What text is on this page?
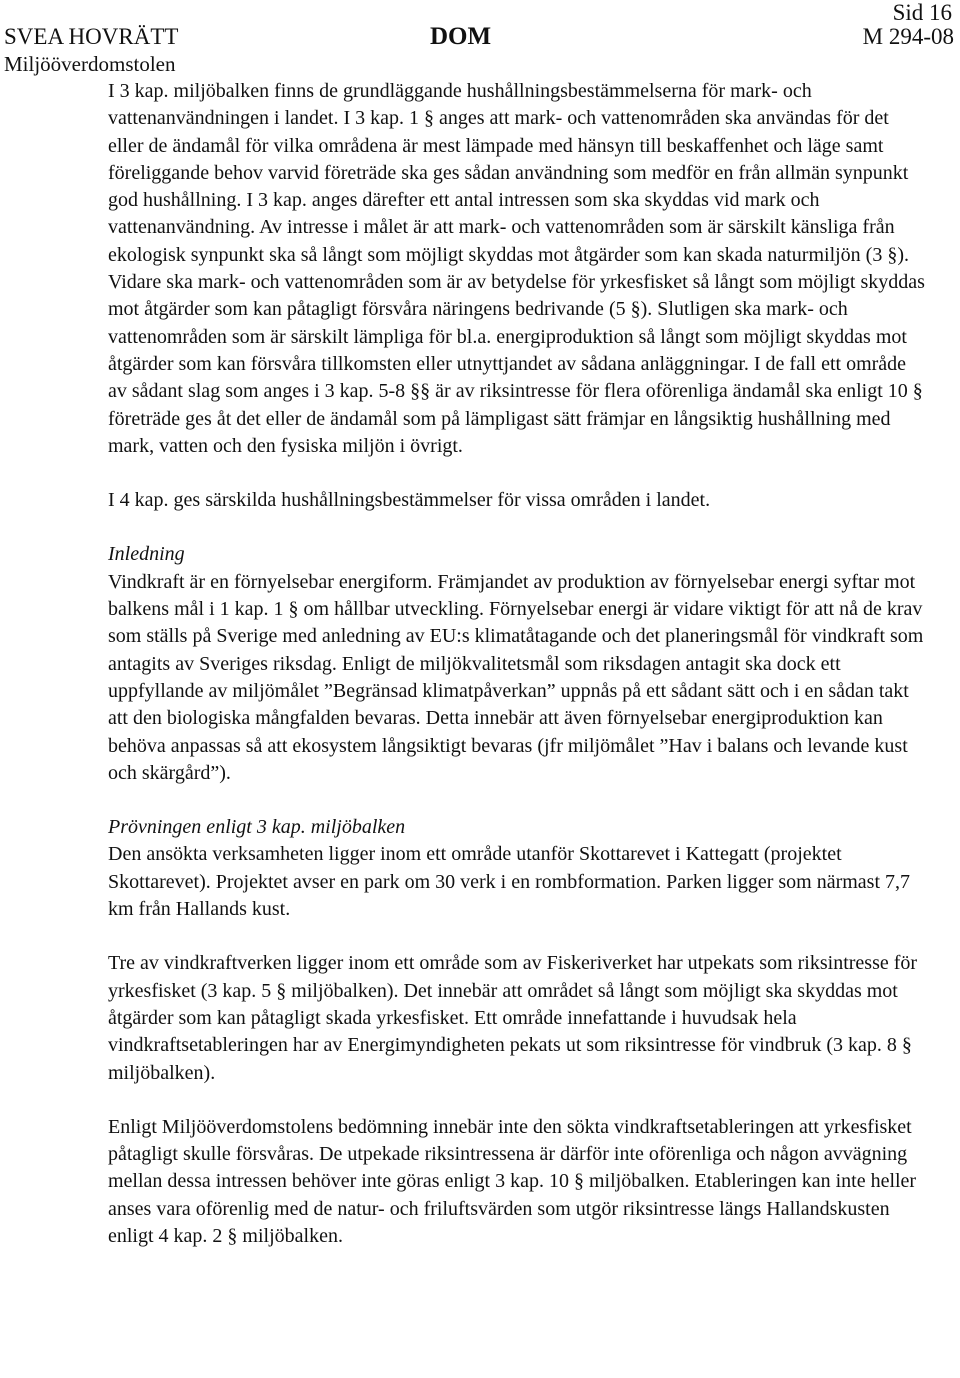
Sid 16
SVEA HOVRÄTT	DOM	M 294-08
Miljööverdomstolen

I 3 kap. miljöbalken finns de grundläggande hushållningsbestämmelserna för mark- och vattenanvändningen i landet. I 3 kap. 1 § anges att mark- och vattenområden ska användas för det eller de ändamål för vilka områdena är mest lämpade med hänsyn till beskaffenhet och läge samt föreliggande behov varvid företräde ska ges sådan användning som medför en från allmän synpunkt god hushållning. I 3 kap. anges därefter ett antal intressen som ska skyddas vid mark och vattenanvändning. Av intresse i målet är att mark- och vattenområden som är särskilt känsliga från ekologisk synpunkt ska så långt som möjligt skyddas mot åtgärder som kan skada naturmiljön (3 §). Vidare ska mark- och vattenområden som är av betydelse för yrkesfisket så långt som möjligt skyddas mot åtgärder som kan påtagligt försvåra näringens bedrivande (5 §). Slutligen ska mark- och vattenområden som är särskilt lämpliga för bl.a. energiproduktion så långt som möjligt skyddas mot åtgärder som kan försvåra tillkomsten eller utnyttjandet av sådana anläggningar. I de fall ett område av sådant slag som anges i 3 kap. 5-8 §§ är av riksintresse för flera oförenliga ändamål ska enligt 10 § företräde ges åt det eller de ändamål som på lämpligast sätt främjar en långsiktig hushållning med mark, vatten och den fysiska miljön i övrigt.

I 4 kap. ges särskilda hushållningsbestämmelser för vissa områden i landet.

Inledning

Vindkraft är en förnyelsebar energiform. Främjandet av produktion av förnyelsebar energi syftar mot balkens mål i 1 kap. 1 § om hållbar utveckling. Förnyelsebar energi är vidare viktigt för att nå de krav som ställs på Sverige med anledning av EU:s klimatåtagande och det planeringsmål för vindkraft som antagits av Sveriges riksdag. Enligt de miljökvalitetsmål som riksdagen antagit ska dock ett uppfyllande av miljömålet ”Begränsad klimatpåverkan” uppnås på ett sådant sätt och i en sådan takt att den biologiska mångfalden bevaras. Detta innebär att även förnyelsebar energiproduktion kan behöva anpassas så att ekosystem långsiktigt bevaras (jfr miljömålet ”Hav i balans och levande kust och skärgård”).

Prövningen enligt 3 kap. miljöbalken

Den ansökta verksamheten ligger inom ett område utanför Skottarevet i Kattegatt (projektet Skottarevet). Projektet avser en park om 30 verk i en rombformation. Parken ligger som närmast 7,7 km från Hallands kust.

Tre av vindkraftverken ligger inom ett område som av Fiskeriverket har utpekats som riksintresse för yrkesfisket (3 kap. 5 § miljöbalken). Det innebär att området så långt som möjligt ska skyddas mot åtgärder som kan påtagligt skada yrkesfisket. Ett område innefattande i huvudsak hela vindkraftsetableringen har av Energimyndigheten pekats ut som riksintresse för vindbruk (3 kap. 8 § miljöbalken).

Enligt Miljööverdomstolens bedömning innebär inte den sökta vindkraftsetableringen att yrkesfisket påtagligt skulle försvåras. De utpekade riksintressena är därför inte oförenliga och någon avvägning mellan dessa intressen behöver inte göras enligt 3 kap. 10 § miljöbalken. Etableringen kan inte heller anses vara oförenlig med de natur- och friluftsvärden som utgör riksintresse längs Hallandskusten enligt 4 kap. 2 § miljöbalken.
